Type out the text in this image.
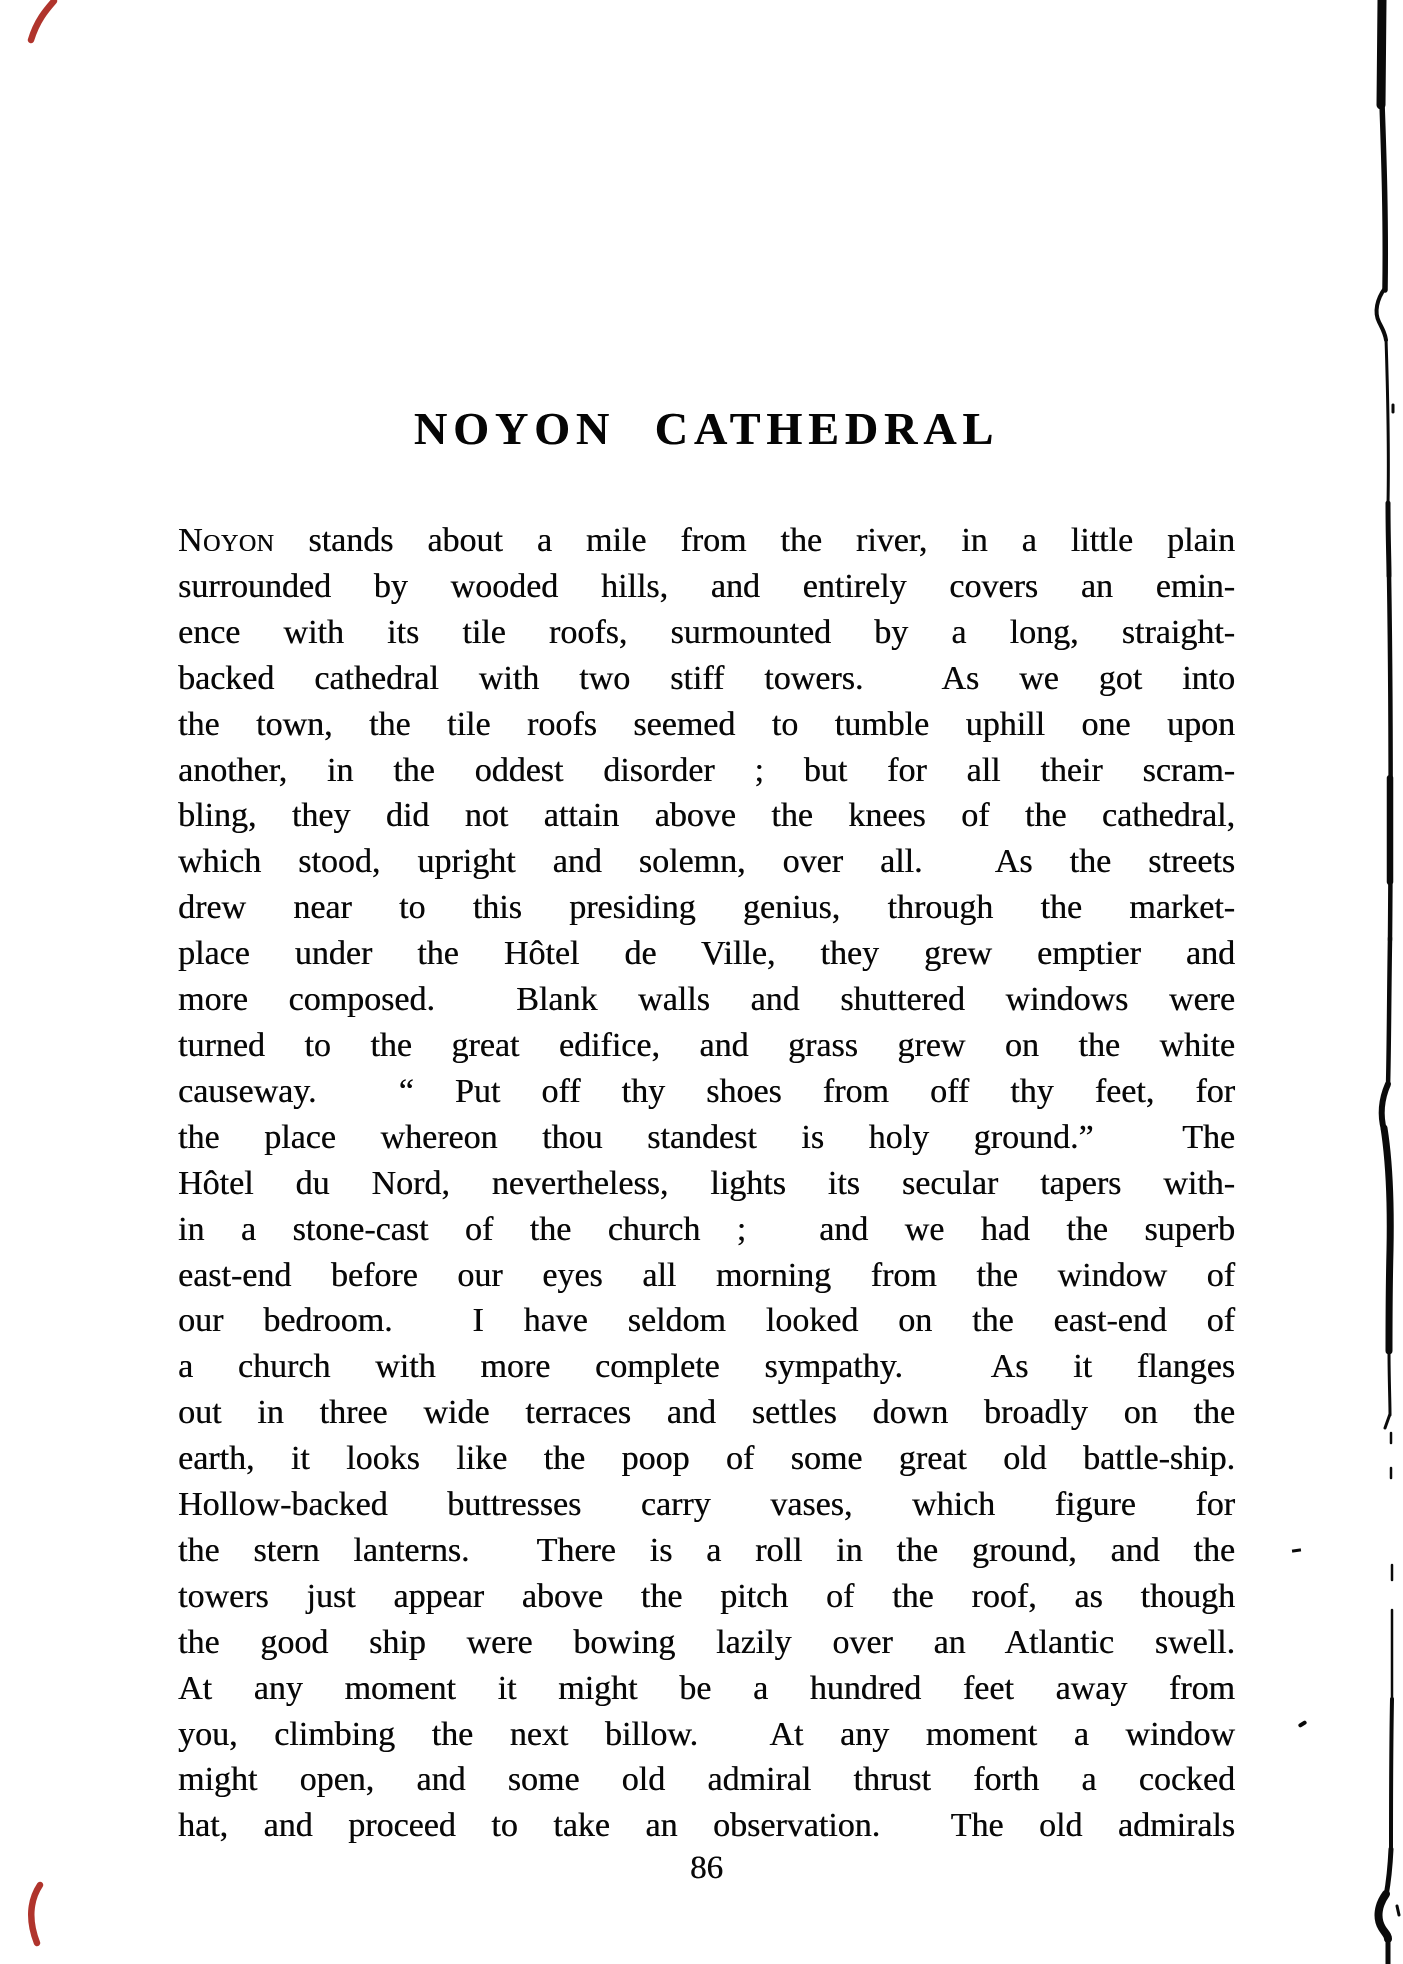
NOYON CATHEDRAL
Noyon stands about a mile from the river, in a little plain
surrounded by wooded hills, and entirely covers an emin-
ence with its tile roofs, surmounted by a long, straight-
backed cathedral with two stiff towers.  As we got into
the town, the tile roofs seemed to tumble uphill one upon
another, in the oddest disorder ; but for all their scram-
bling, they did not attain above the knees of the cathedral,
which stood, upright and solemn, over all.  As the streets
drew near to this presiding genius, through the market-
place under the Hôtel de Ville, they grew emptier and
more composed.  Blank walls and shuttered windows were
turned to the great edifice, and grass grew on the white
causeway.  “ Put off thy shoes from off thy feet, for
the place whereon thou standest is holy ground.”  The
Hôtel du Nord, nevertheless, lights its secular tapers with-
in a stone-cast of the church ;  and we had the superb
east-end before our eyes all morning from the window of
our bedroom.  I have seldom looked on the east-end of
a church with more complete sympathy.  As it flanges
out in three wide terraces and settles down broadly on the
earth, it looks like the poop of some great old battle-ship.
Hollow-backed buttresses carry vases, which figure for
the stern lanterns.  There is a roll in the ground, and the
towers just appear above the pitch of the roof, as though
the good ship were bowing lazily over an Atlantic swell.
At any moment it might be a hundred feet away from
you, climbing the next billow.  At any moment a window
might open, and some old admiral thrust forth a cocked
hat, and proceed to take an observation.  The old admirals
86
